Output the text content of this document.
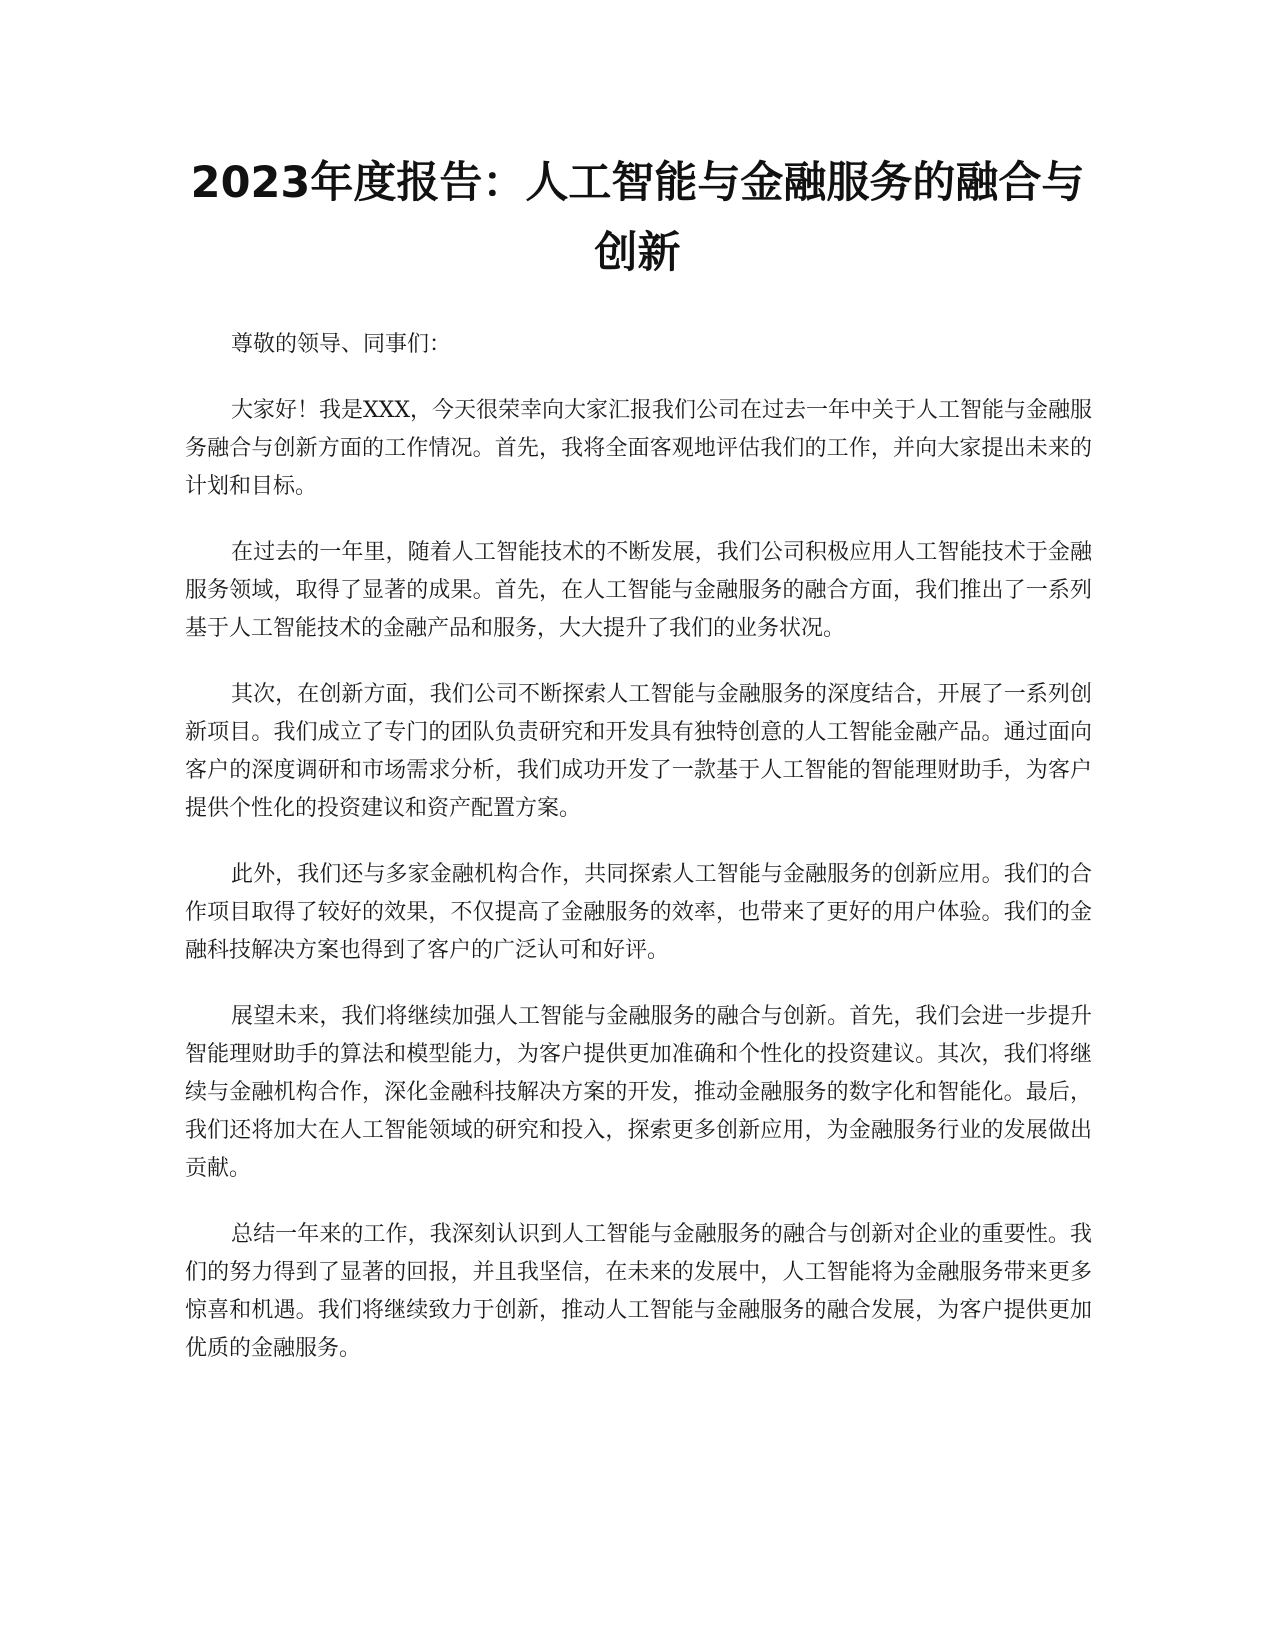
2023年度报告：人工智能与金融服务的融合与创新

尊敬的领导、同事们：

大家好！我是XXX，今天很荣幸向大家汇报我们公司在过去一年中关于人工智能与金融服务融合与创新方面的工作情况。首先，我将全面客观地评估我们的工作，并向大家提出未来的计划和目标。

在过去的一年里，随着人工智能技术的不断发展，我们公司积极应用人工智能技术于金融服务领域，取得了显著的成果。首先，在人工智能与金融服务的融合方面，我们推出了一系列基于人工智能技术的金融产品和服务，大大提升了我们的业务状况。

其次，在创新方面，我们公司不断探索人工智能与金融服务的深度结合，开展了一系列创新项目。我们成立了专门的团队负责研究和开发具有独特创意的人工智能金融产品。通过面向客户的深度调研和市场需求分析，我们成功开发了一款基于人工智能的智能理财助手，为客户提供个性化的投资建议和资产配置方案。

此外，我们还与多家金融机构合作，共同探索人工智能与金融服务的创新应用。我们的合作项目取得了较好的效果，不仅提高了金融服务的效率，也带来了更好的用户体验。我们的金融科技解决方案也得到了客户的广泛认可和好评。

展望未来，我们将继续加强人工智能与金融服务的融合与创新。首先，我们会进一步提升智能理财助手的算法和模型能力，为客户提供更加准确和个性化的投资建议。其次，我们将继续与金融机构合作，深化金融科技解决方案的开发，推动金融服务的数字化和智能化。最后，我们还将加大在人工智能领域的研究和投入，探索更多创新应用，为金融服务行业的发展做出贡献。

总结一年来的工作，我深刻认识到人工智能与金融服务的融合与创新对企业的重要性。我们的努力得到了显著的回报，并且我坚信，在未来的发展中，人工智能将为金融服务带来更多惊喜和机遇。我们将继续致力于创新，推动人工智能与金融服务的融合发展，为客户提供更加优质的金融服务。
